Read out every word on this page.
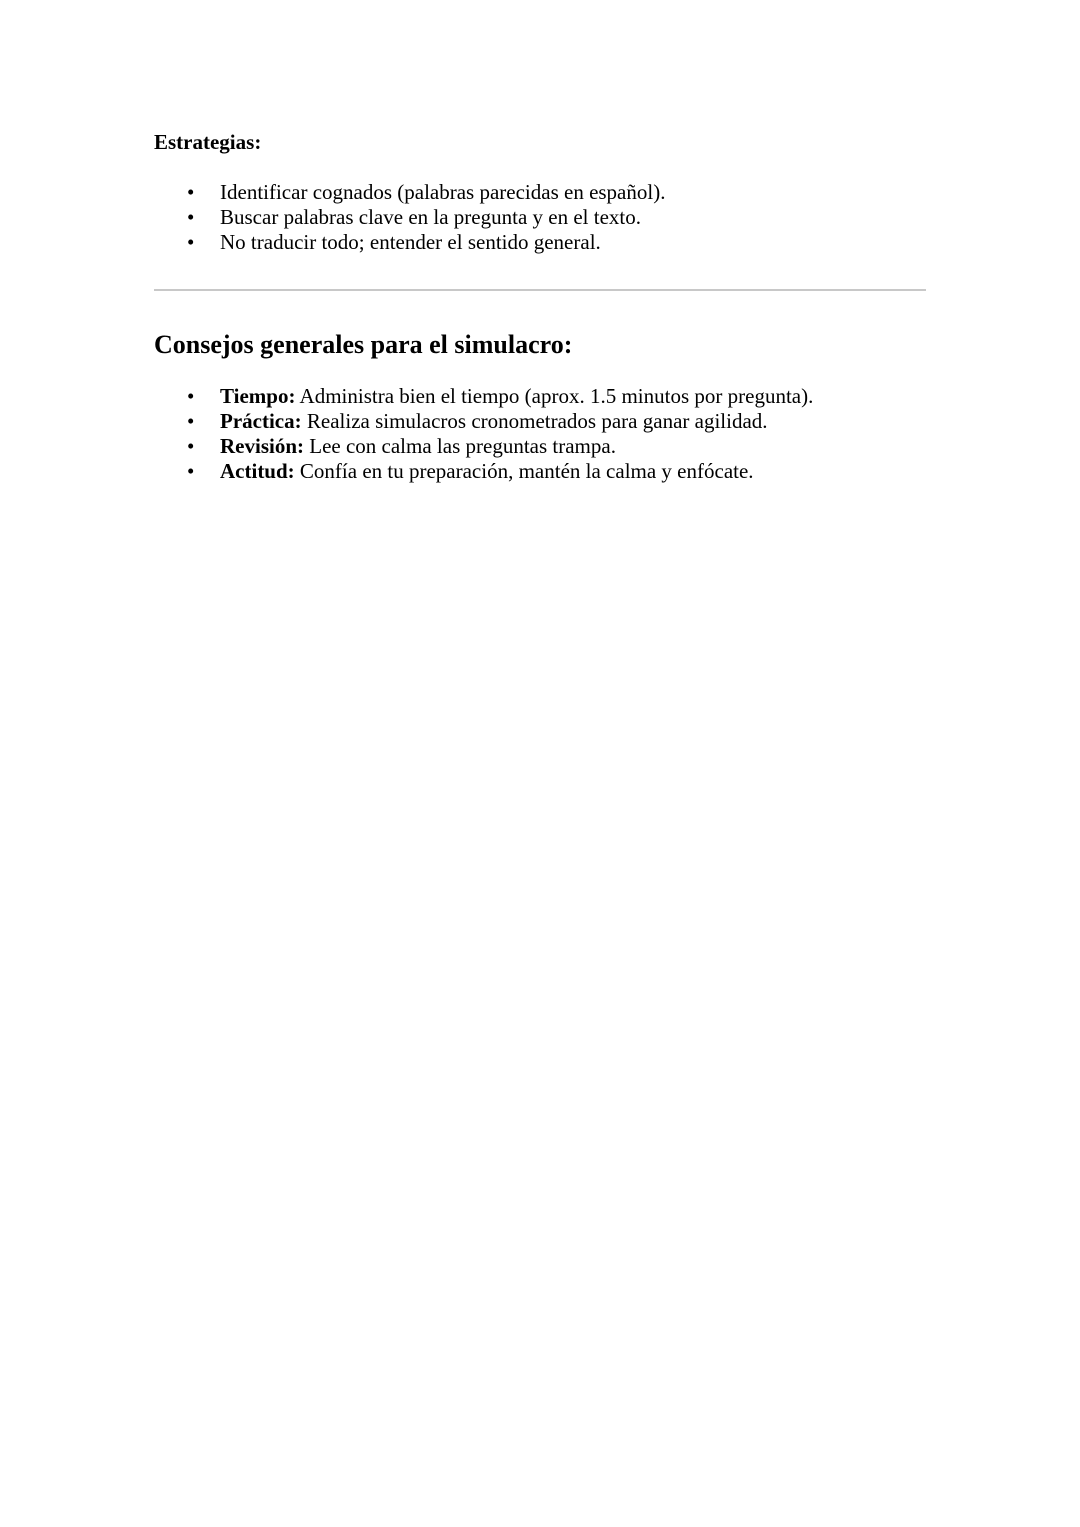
Estrategias:
• Identificar cognados (palabras parecidas en español).
• Buscar palabras clave en la pregunta y en el texto.
• No traducir todo; entender el sentido general.
Consejos generales para el simulacro:
• Tiempo: Administra bien el tiempo (aprox. 1.5 minutos por pregunta).
• Práctica: Realiza simulacros cronometrados para ganar agilidad.
• Revisión: Lee con calma las preguntas trampa.
• Actitud: Confía en tu preparación, mantén la calma y enfócate.
